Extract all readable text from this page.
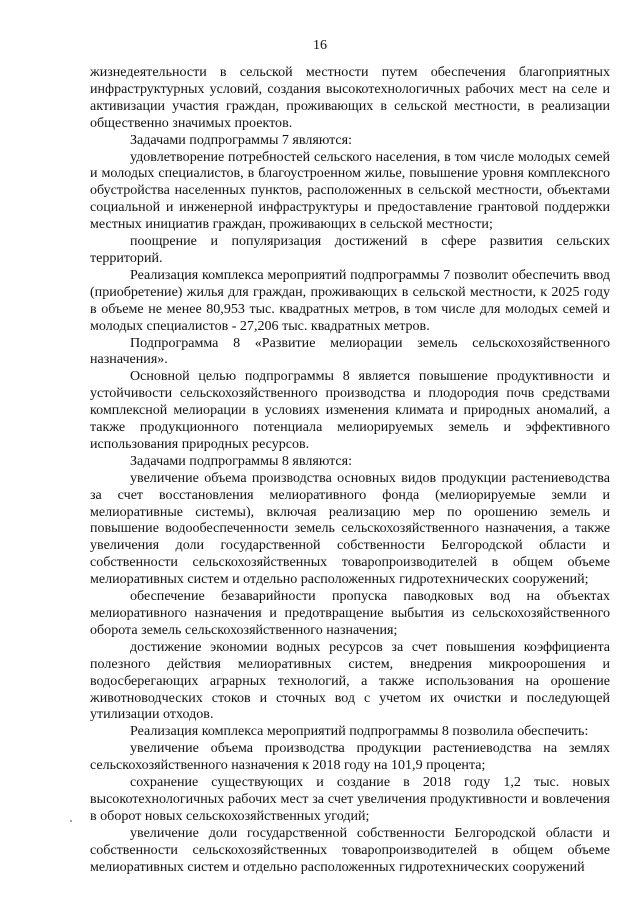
16

жизнедеятельности в сельской местности путем обеспечения благоприятных инфраструктурных условий, создания высокотехнологичных рабочих мест на селе и активизации участия граждан, проживающих в сельской местности, в реализации общественно значимых проектов.

Задачами подпрограммы 7 являются:

удовлетворение потребностей сельского населения, в том числе молодых семей и молодых специалистов, в благоустроенном жилье, повышение уровня комплексного обустройства населенных пунктов, расположенных в сельской местности, объектами социальной и инженерной инфраструктуры и предоставление грантовой поддержки местных инициатив граждан, проживающих в сельской местности;

поощрение и популяризация достижений в сфере развития сельских территорий.

Реализация комплекса мероприятий подпрограммы 7 позволит обеспечить ввод (приобретение) жилья для граждан, проживающих в сельской местности, к 2025 году в объеме не менее 80,953 тыс. квадратных метров, в том числе для молодых семей и молодых специалистов - 27,206 тыс. квадратных метров.

Подпрограмма 8 «Развитие мелиорации земель сельскохозяйственного назначения».

Основной целью подпрограммы 8 является повышение продуктивности и устойчивости сельскохозяйственного производства и плодородия почв средствами комплексной мелиорации в условиях изменения климата и природных аномалий, а также продукционного потенциала мелиорируемых земель и эффективного использования природных ресурсов.

Задачами подпрограммы 8 являются:

увеличение объема производства основных видов продукции растениеводства за счет восстановления мелиоративного фонда (мелиорируемые земли и мелиоративные системы), включая реализацию мер по орошению земель и повышение водообеспеченности земель сельскохозяйственного назначения, а также увеличения доли государственной собственности Белгородской области и собственности сельскохозяйственных товаропроизводителей в общем объеме мелиоративных систем и отдельно расположенных гидротехнических сооружений;

обеспечение безаварийности пропуска паводковых вод на объектах мелиоративного назначения и предотвращение выбытия из сельскохозяйственного оборота земель сельскохозяйственного назначения;

достижение экономии водных ресурсов за счет повышения коэффициента полезного действия мелиоративных систем, внедрения микроорошения и водосберегающих аграрных технологий, а также использования на орошение животноводческих стоков и сточных вод с учетом их очистки и последующей утилизации отходов.

Реализация комплекса мероприятий подпрограммы 8 позволила обеспечить:

увеличение объема производства продукции растениеводства на землях сельскохозяйственного назначения к 2018 году на 101,9 процента;

сохранение существующих и создание в 2018 году 1,2 тыс. новых высокотехнологичных рабочих мест за счет увеличения продуктивности и вовлечения в оборот новых сельскохозяйственных угодий;

увеличение доли государственной собственности Белгородской области и собственности сельскохозяйственных товаропроизводителей в общем объеме мелиоративных систем и отдельно расположенных гидротехнических сооружений
